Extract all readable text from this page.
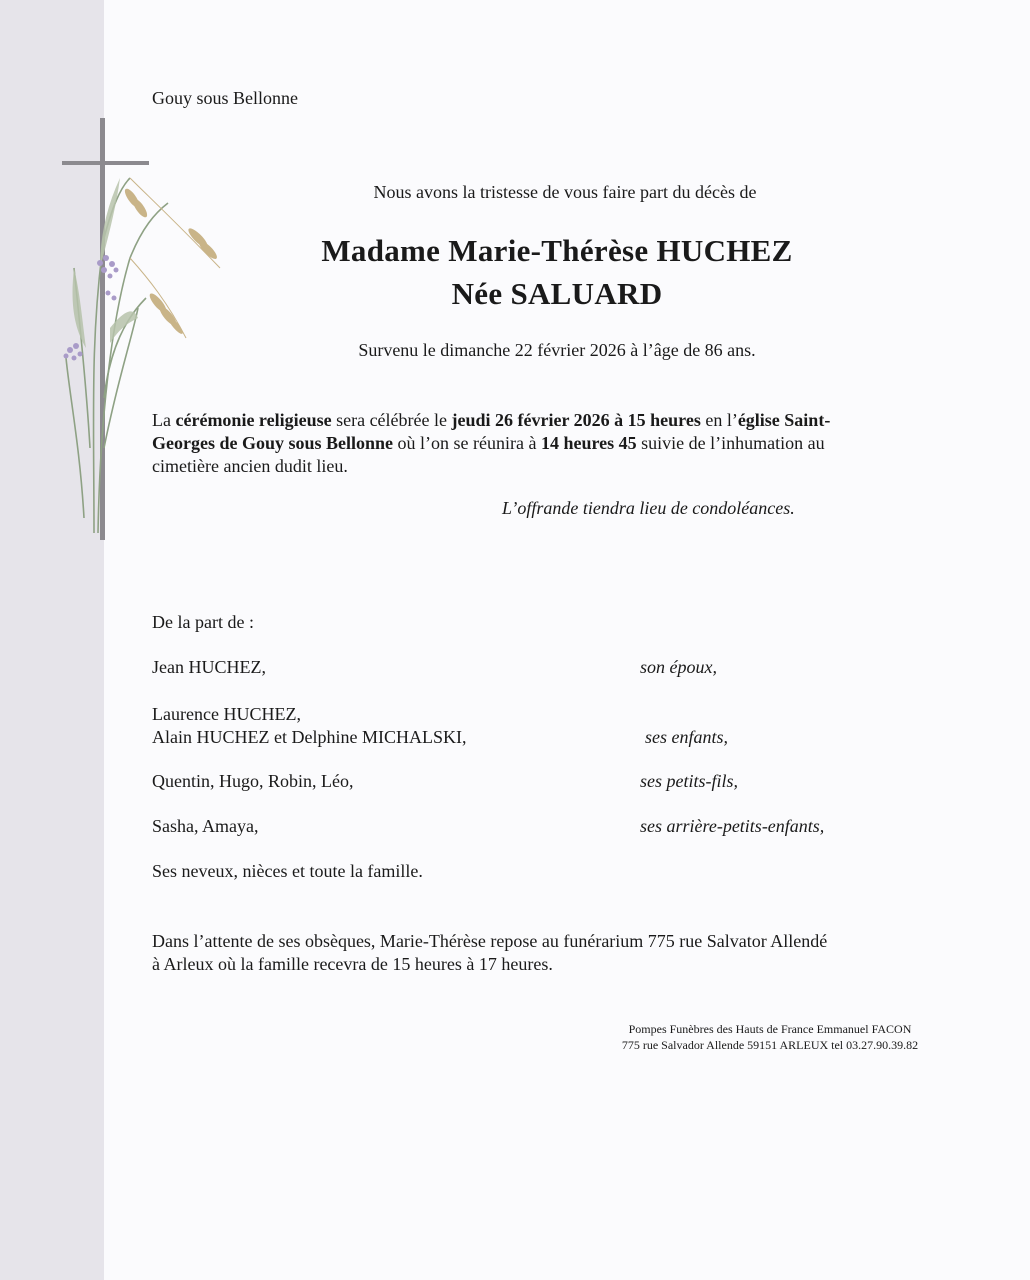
Gouy sous Bellonne
Nous avons la tristesse de vous faire part du décès de
Madame Marie-Thérèse HUCHEZ
Née SALUARD
Survenu le dimanche 22 février 2026 à l’âge de 86 ans.

La cérémonie religieuse sera célébrée le jeudi 26 février 2026 à 15 heures en l’église Saint-

Georges de Gouy sous Bellonne où l’on se réunira à 14 heures 45 suivie de l’inhumation au

cimetière ancien dudit lieu.

L’offrande tiendra lieu de condoléances.
De la part de :
Jean HUCHEZ,	son époux,
Laurence HUCHEZ,
Alain HUCHEZ et Delphine MICHALSKI,	ses enfants,
Quentin, Hugo, Robin, Léo,	ses petits-fils,
Sasha, Amaya,	ses arrière-petits-enfants,
Ses neveux, nièces et toute la famille.

Dans l’attente de ses obsèques, Marie-Thérèse repose au funérarium 775 rue Salvator Allendé

à Arleux où la famille recevra de 15 heures à 17 heures.

Pompes Funèbres des Hauts de France Emmanuel FACON

775 rue Salvador Allende 59151 ARLEUX tel 03.27.90.39.82
